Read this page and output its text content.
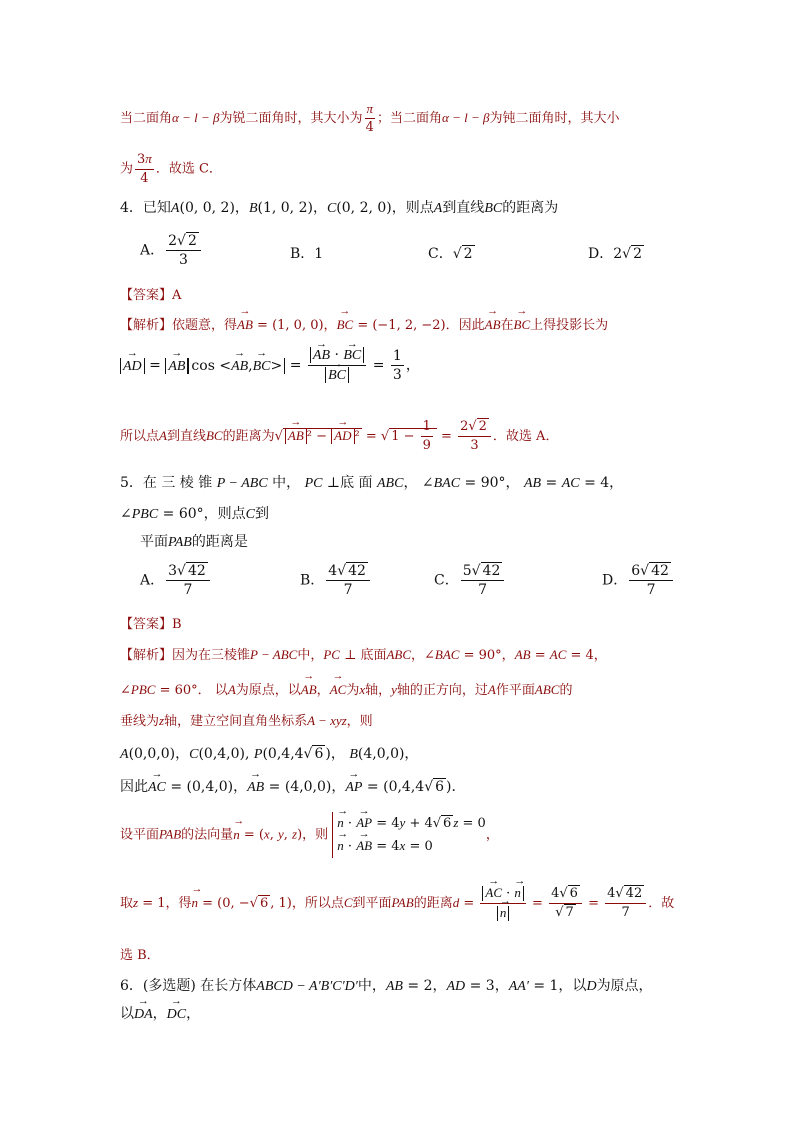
当二面角α − l − β为锐二面角时，其大小为 $\frac{\pi}{4}$ ；当二面角α − l − β为钝二面角时，其大小
为 $\frac{3\pi}{4}$ ．故选 C．
4．已知A(0, 0, 2)，B(1, 0, 2)，C(0, 2, 0)，则点A到直线BC的距离为
A． $\frac{2√ 2}{3}$	B．1	C．√ 2	D．2√ 2
【答案】A
【解析】依题意，得→ AB = (1, 0, 0)，→ BC = (−1, 2, −2)．因此→ AB在→ BC上得投影长为
→ AD = → AB cos <→ AB,→ BC> = → AB · → BC
→ BC = $\frac{1}{3}$ ，
所以点A到直线BC的距离为√ → AB ² − → AD ² = √ $1 - \frac{1}{9} = \frac{2√ 2}{3}$ ．故选 A．
5．在 三 棱 锥 P − ABC 中， PC ⊥底 面 ABC， ∠BAC = 90°， AB = AC = 4，
∠PBC = 60°，则点C到
平面PAB的距离是
A． $\frac{3√ 42}{7}$	B． $\frac{4√ 42}{7}$	C． $\frac{5√ 42}{7}$	D． $\frac{6√ 42}{7}$
【答案】B
【解析】因为在三棱锥P − ABC中，PC ⊥ 底面ABC，∠BAC = 90°，AB = AC = 4，
∠PBC = 60°． 以A为原点，以→ AB，→ AC为x轴，y轴的正方向，过A作平面ABC的
垂线为z轴，建立空间直角坐标系A − xyz，则
A(0,0,0)，C(0,4,0), P(0,4,4√ 6 )， B(4,0,0)，
因此→ AC = (0,4,0)，→ AB = (4,0,0)，→ AP = (0,4,4√ 6 )．
设平面PAB的法向量→ n = (x, y, z)，则
→ n · → AP = 4y + 4√ 6 z = 0
→ n · → AB = 4x = 0
，
取z = 1，得→ n = (0, −√ 6 , 1)，所以点C到平面PAB的距离d = → AC · → n
→ $n = \frac{4√ 6}{√ 7} = \frac{4√ 42}{7}$ ．故
选 B．
6．(多选题) 在长方体ABCD − A′B′C′D′中，AB = 2，AD = 3，AA′ = 1，以D为原点，
以→ DA，→ DC，
